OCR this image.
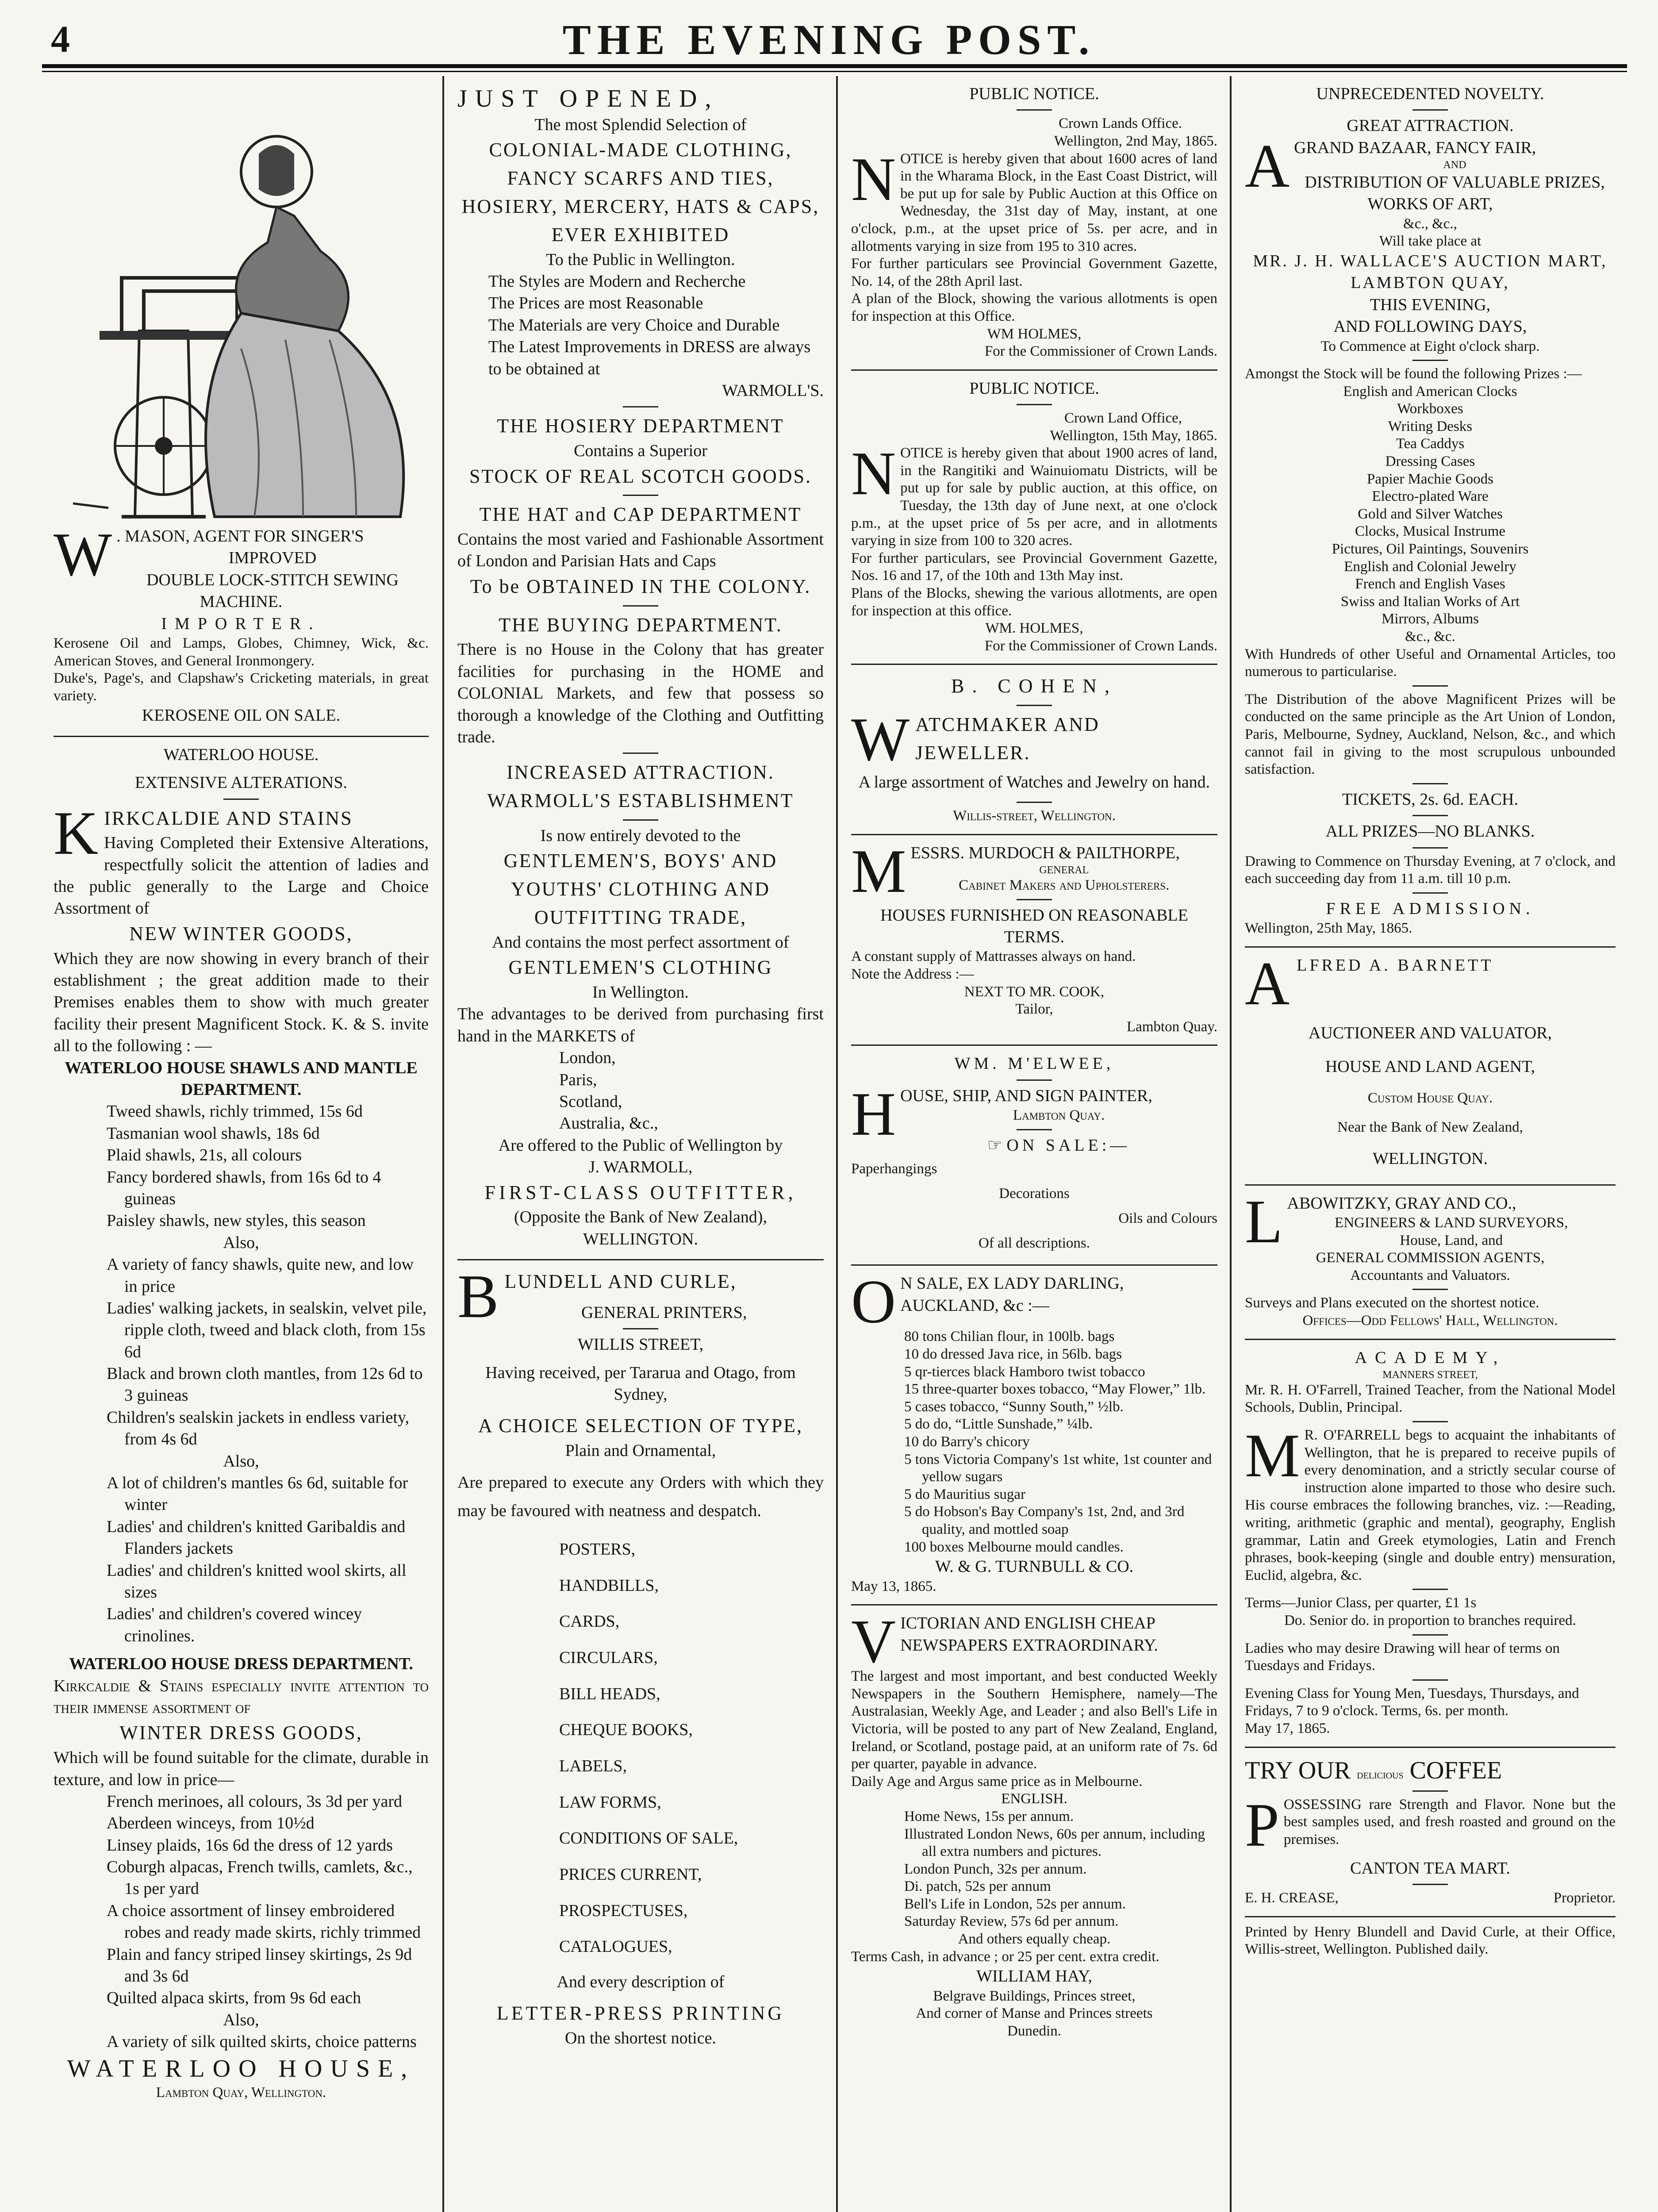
4	THE EVENING POST.

W . MASON, AGENT FOR SINGER'S

IMPROVED

DOUBLE LOCK-STITCH SEWING MACHINE.

IMPORTER.

Kerosene Oil and Lamps, Globes, Chimney, Wick, &c. American Stoves, and General Ironmongery.

Duke's, Page's, and Clapshaw's Cricketing materials, in great variety.

KEROSENE OIL ON SALE.

WATERLOO HOUSE.

EXTENSIVE ALTERATIONS.

KIRKCALDIE AND STAINS

Having Completed their Extensive Alterations, respectfully solicit the attention of ladies and the public generally to the Large and Choice Assortment of

NEW WINTER GOODS,

Which they are now showing in every branch of their establishment ; the great addition made to their Premises enables them to show with much greater facility their present Magnificent Stock. K. & S. invite all to the following : —

WATERLOO HOUSE SHAWLS AND MANTLE DEPARTMENT.

Tweed shawls, richly trimmed, 15s 6d

Tasmanian wool shawls, 18s 6d

Plaid shawls, 21s, all colours

Fancy bordered shawls, from 16s 6d to 4 guineas

Paisley shawls, new styles, this season

Also,

A variety of fancy shawls, quite new, and low in price

Ladies' walking jackets, in sealskin, velvet pile, ripple cloth, tweed and black cloth, from 15s 6d

Black and brown cloth mantles, from 12s 6d to 3 guineas

Children's sealskin jackets in endless variety, from 4s 6d

Also,

A lot of children's mantles 6s 6d, suitable for winter

Ladies' and children's knitted Garibaldis and Flanders jackets

Ladies' and children's knitted wool skirts, all sizes

Ladies' and children's covered wincey crinolines.

WATERLOO HOUSE DRESS DEPARTMENT.

Kirkcaldie & Stains especially invite attention to their immense assortment of

WINTER DRESS GOODS,

Which will be found suitable for the climate, durable in texture, and low in price—

French merinoes, all colours, 3s 3d per yard

Aberdeen winceys, from 10½d

Linsey plaids, 16s 6d the dress of 12 yards

Coburgh alpacas, French twills, camlets, &c., 1s per yard

A choice assortment of linsey embroidered robes and ready made skirts, richly trimmed

Plain and fancy striped linsey skirtings, 2s 9d and 3s 6d

Quilted alpaca skirts, from 9s 6d each

Also,

A variety of silk quilted skirts, choice patterns

WATERLOO HOUSE,

Lambton Quay, Wellington.

JUST OPENED,

The most Splendid Selection of

COLONIAL-MADE CLOTHING,

FANCY SCARFS AND TIES,

HOSIERY, MERCERY, HATS & CAPS,

EVER EXHIBITED

To the Public in Wellington.

The Styles are Modern and Recherche

The Prices are most Reasonable

The Materials are very Choice and Durable

The Latest Improvements in DRESS are always to be obtained at

WARMOLL'S.

THE HOSIERY DEPARTMENT

Contains a Superior

STOCK OF REAL SCOTCH GOODS.

THE HAT and CAP DEPARTMENT

Contains the most varied and Fashionable Assortment of London and Parisian Hats and Caps

To be OBTAINED IN THE COLONY.

THE BUYING DEPARTMENT.

There is no House in the Colony that has greater facilities for purchasing in the HOME and COLONIAL Markets, and few that possess so thorough a knowledge of the Clothing and Outfitting trade.

INCREASED ATTRACTION.

WARMOLL'S ESTABLISHMENT

Is now entirely devoted to the

GENTLEMEN'S, BOYS' AND YOUTHS' CLOTHING AND OUTFITTING TRADE,

And contains the most perfect assortment of

GENTLEMEN'S CLOTHING

In Wellington.

The advantages to be derived from purchasing first hand in the MARKETS of

London,

Paris,

Scotland,

Australia, &c.,

Are offered to the Public of Wellington by

J. WARMOLL,

FIRST-CLASS OUTFITTER,

(Opposite the Bank of New Zealand),

WELLINGTON.

BLUNDELL AND CURLE,

GENERAL PRINTERS,

WILLIS STREET,

Having received, per Tararua and Otago, from Sydney,

A CHOICE SELECTION OF TYPE,

Plain and Ornamental,

Are prepared to execute any Orders with which they may be favoured with neatness and despatch.

POSTERS,

HANDBILLS,

CARDS,

CIRCULARS,

BILL HEADS,

CHEQUE BOOKS,

LABELS,

LAW FORMS,

CONDITIONS OF SALE,

PRICES CURRENT,

PROSPECTUSES,

CATALOGUES,

And every description of

LETTER-PRESS PRINTING

On the shortest notice.

PUBLIC NOTICE.

Crown Lands Office.

Wellington, 2nd May, 1865.

NOTICE is hereby given that about 1600 acres of land in the Wharama Block, in the East Coast District, will be put up for sale by Public Auction at this Office on Wednesday, the 31st day of May, instant, at one o'clock, p.m., at the upset price of 5s. per acre, and in allotments varying in size from 195 to 310 acres.

For further particulars see Provincial Government Gazette, No. 14, of the 28th April last.

A plan of the Block, showing the various allotments is open for inspection at this Office.

WM HOLMES,

For the Commissioner of Crown Lands.

PUBLIC NOTICE.

Crown Land Office,

Wellington, 15th May, 1865.

NOTICE is hereby given that about 1900 acres of land, in the Rangitiki and Wainuiomatu Districts, will be put up for sale by public auction, at this office, on Tuesday, the 13th day of June next, at one o'clock p.m., at the upset price of 5s per acre, and in allotments varying in size from 100 to 320 acres.

For further particulars, see Provincial Government Gazette, Nos. 16 and 17, of the 10th and 13th May inst.

Plans of the Blocks, shewing the various allotments, are open for inspection at this office.

WM. HOLMES,

For the Commissioner of Crown Lands.

B. COHEN,

WATCHMAKER AND JEWELLER.

A large assortment of Watches and Jewelry on hand.

Willis-street, Wellington.

MESSRS. MURDOCH & PAILTHORPE,

GENERAL

Cabinet Makers and Upholsterers.

HOUSES FURNISHED ON REASONABLE TERMS.

A constant supply of Mattrasses always on hand.

Note the Address :—

NEXT TO MR. COOK,

Tailor,

Lambton Quay.

WM. M'ELWEE,

HOUSE, SHIP, AND SIGN PAINTER,

Lambton Quay.

☞ ON SALE:—

Paperhangings

Decorations

Oils and Colours

Of all descriptions.

O N SALE, EX LADY DARLING, AUCKLAND, &c :—

80 tons Chilian flour, in 100lb. bags

10 do dressed Java rice, in 56lb. bags

5 qr-tierces black Hamboro twist tobacco

15 three-quarter boxes tobacco, “May Flower,” 1lb.

5 cases tobacco, “Sunny South,” ½lb.

5 do do, “Little Sunshade,” ¼lb.

10 do Barry's chicory

5 tons Victoria Company's 1st white, 1st counter and yellow sugars

5 do Mauritius sugar

5 do Hobson's Bay Company's 1st, 2nd, and 3rd quality, and mottled soap

100 boxes Melbourne mould candles.

W. & G. TURNBULL & CO.

May 13, 1865.

VICTORIAN AND ENGLISH CHEAP NEWSPAPERS EXTRAORDINARY.

The largest and most important, and best conducted Weekly Newspapers in the Southern Hemisphere, namely—The Australasian, Weekly Age, and Leader ; and also Bell's Life in Victoria, will be posted to any part of New Zealand, England, Ireland, or Scotland, postage paid, at an uniform rate of 7s. 6d per quarter, payable in advance.

Daily Age and Argus same price as in Melbourne.

ENGLISH.

Home News, 15s per annum.

Illustrated London News, 60s per annum, including all extra numbers and pictures.

London Punch, 32s per annum.

Di. patch, 52s per annum

Bell's Life in London, 52s per annum.

Saturday Review, 57s 6d per annum.

And others equally cheap.

Terms Cash, in advance ; or 25 per cent. extra credit.

WILLIAM HAY,

Belgrave Buildings, Princes street,

And corner of Manse and Princes streets

Dunedin.

UNPRECEDENTED NOVELTY.

GREAT ATTRACTION.

AGRAND BAZAAR, FANCY FAIR,

AND

DISTRIBUTION OF VALUABLE PRIZES, WORKS OF ART,

&c., &c.,

Will take place at

MR. J. H. WALLACE'S AUCTION MART, LAMBTON QUAY,

THIS EVENING,

AND FOLLOWING DAYS,

To Commence at Eight o'clock sharp.

Amongst the Stock will be found the following Prizes :—

English and American Clocks

Workboxes

Writing Desks

Tea Caddys

Dressing Cases

Papier Machie Goods

Electro-plated Ware

Gold and Silver Watches

Clocks, Musical Instrume

Pictures, Oil Paintings, Souvenirs

English and Colonial Jewelry

French and English Vases

Swiss and Italian Works of Art

Mirrors, Albums

&c., &c.

With Hundreds of other Useful and Ornamental Articles, too numerous to particularise.

The Distribution of the above Magnificent Prizes will be conducted on the same principle as the Art Union of London, Paris, Melbourne, Sydney, Auckland, Nelson, &c., and which cannot fail in giving to the most scrupulous unbounded satisfaction.

TICKETS, 2s. 6d. EACH.

ALL PRIZES—NO BLANKS.

Drawing to Commence on Thursday Evening, at 7 o'clock, and each succeeding day from 11 a.m. till 10 p.m.

FREE ADMISSION.

Wellington, 25th May, 1865.

ALFRED A. BARNETT

AUCTIONEER AND VALUATOR,

HOUSE AND LAND AGENT,

Custom House Quay.

Near the Bank of New Zealand,

WELLINGTON.

LABOWITZKY, GRAY AND CO.,

ENGINEERS & LAND SURVEYORS,

House, Land, and

GENERAL COMMISSION AGENTS,

Accountants and Valuators.

Surveys and Plans executed on the shortest notice.

Offices—Odd Fellows' Hall, Wellington.

ACADEMY,

MANNERS STREET,

Mr. R. H. O'Farrell, Trained Teacher, from the National Model Schools, Dublin, Principal.

M R. O'FARRELL begs to acquaint the inhabitants of Wellington, that he is prepared to receive pupils of every denomination, and a strictly secular course of instruction alone imparted to those who desire such. His course embraces the following branches, viz. :—Reading, writing, arithmetic (graphic and mental), geography, English grammar, Latin and Greek etymologies, Latin and French phrases, book-keeping (single and double entry) mensuration, Euclid, algebra, &c.

Terms—Junior Class, per quarter, £1 1s

Do. Senior do. in proportion to branches required.

Ladies who may desire Drawing will hear of terms on Tuesdays and Fridays.

Evening Class for Young Men, Tuesdays, Thursdays, and Fridays, 7 to 9 o'clock. Terms, 6s. per month.

May 17, 1865.

TRY OUR delicious COFFEE

POSSESSING rare Strength and Flavor. None but the best samples used, and fresh roasted and ground on the premises.

CANTON TEA MART.

E. H. CREASE,	Proprietor.

Printed by Henry Blundell and David Curle, at their Office, Willis-street, Wellington. Published daily.
